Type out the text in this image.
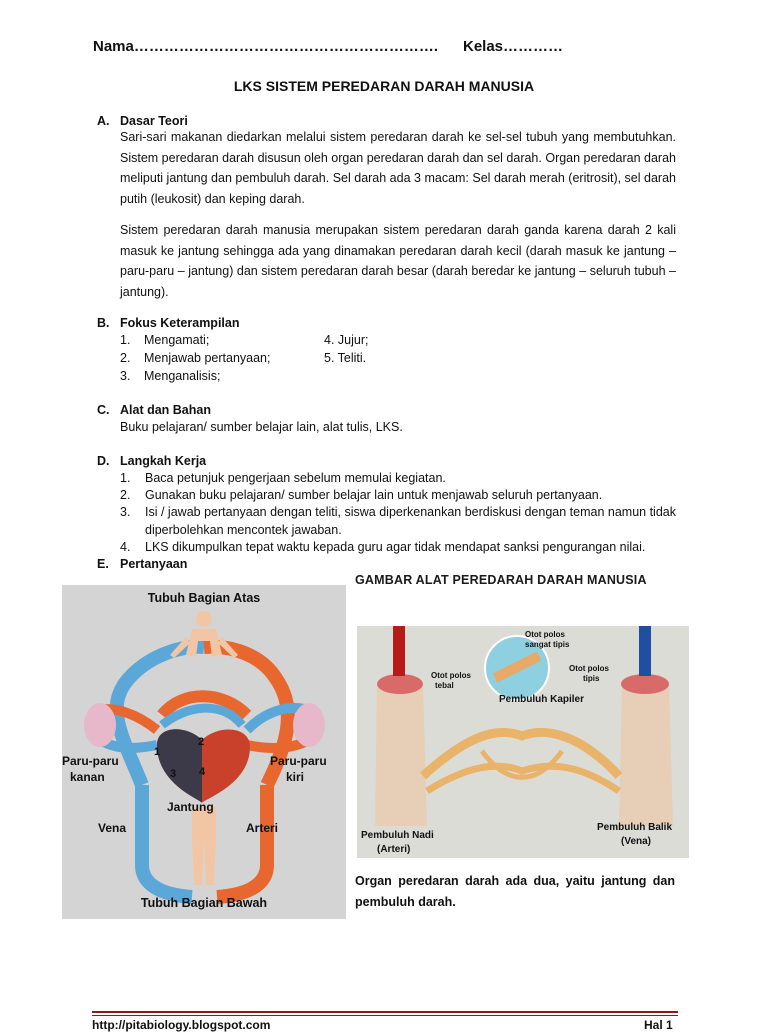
Nama……………………………………………………. Kelas…………
LKS SISTEM PEREDARAN DARAH MANUSIA
A. Dasar Teori
Sari-sari makanan diedarkan melalui sistem peredaran darah ke sel-sel tubuh yang membutuhkan. Sistem peredaran darah disusun oleh organ peredaran darah dan sel darah. Organ peredaran darah meliputi jantung dan pembuluh darah. Sel darah ada 3 macam: Sel darah merah (eritrosit), sel darah putih (leukosit) dan keping darah.
Sistem peredaran darah manusia merupakan sistem peredaran darah ganda karena darah 2 kali masuk ke jantung sehingga ada yang dinamakan peredaran darah kecil (darah masuk ke jantung – paru-paru – jantung) dan sistem peredaran darah besar (darah beredar ke jantung – seluruh tubuh – jantung).
B. Fokus Keterampilan
1. Mengamati;
2. Menjawab pertanyaan;
3. Menganalisis;
4. Jujur;
5. Teliti.
C. Alat dan Bahan
Buku pelajaran/ sumber belajar lain, alat tulis, LKS.
D. Langkah Kerja
1. Baca petunjuk pengerjaan sebelum memulai kegiatan.
2. Gunakan buku pelajaran/ sumber belajar lain untuk menjawab seluruh pertanyaan.
3. Isi / jawab pertanyaan dengan teliti, siswa diperkenankan berdiskusi dengan teman namun tidak diperbolehkan mencontek jawaban.
4. LKS dikumpulkan tepat waktu kepada guru agar tidak mendapat sanksi pengurangan nilai.
E. Pertanyaan
GAMBAR ALAT PEREDARAH DARAH MANUSIA
Tubuh Bagian Atas
Tubuh Bagian Bawah
Paru-paru
kanan
Paru-paru
kiri
Jantung
Vena	Arteri
1
2
3 4
Otot polos
sangat tipis
Otot polos
tebal
Otot polos
tipis
Pembuluh Kapiler
Pembuluh Nadi
(Arteri)
Pembuluh Balik
(Vena)
Organ peredaran darah ada dua, yaitu jantung dan pembuluh darah.
http://pitabiology.blogspot.com	Hal 1
